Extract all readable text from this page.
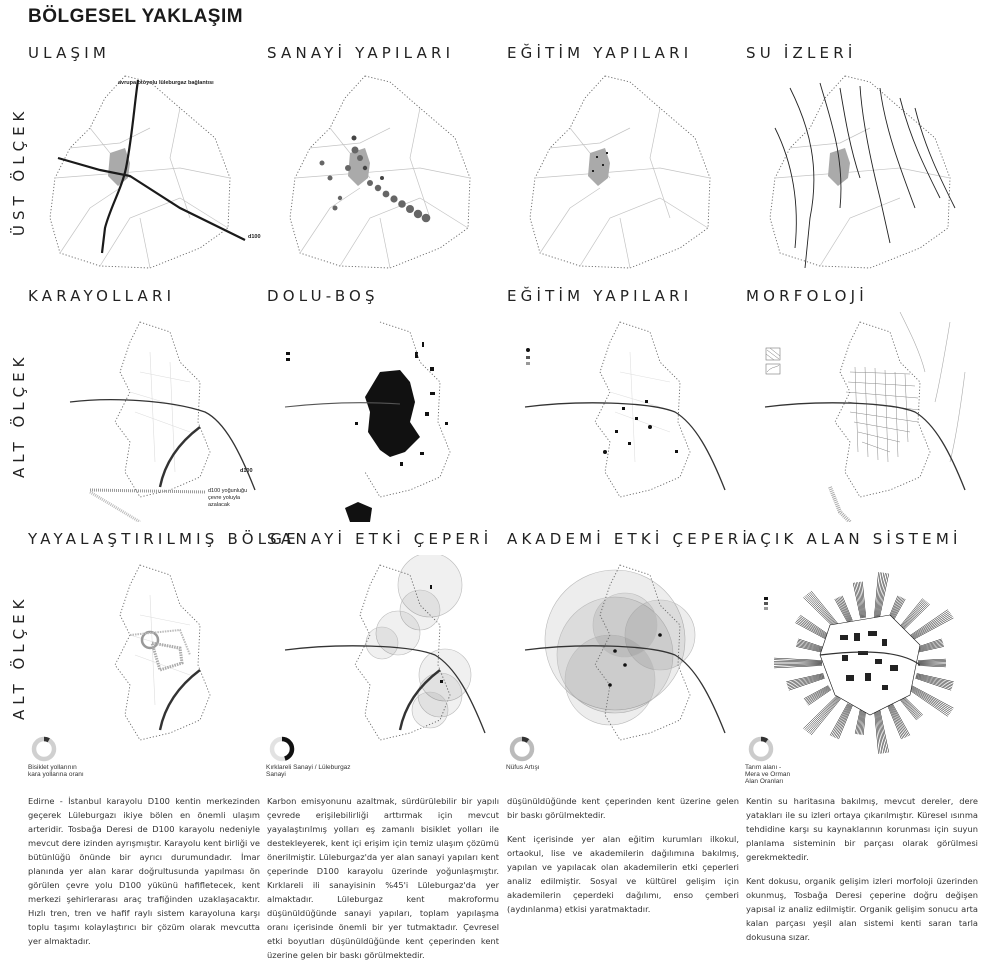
BÖLGESEL YAKLAŞIM
ÜST ÖLÇEK
ALT ÖLÇEK
ALT ÖLÇEK
ULAŞIM	SANAYİ YAPILARI	EĞİTİM YAPILARI	SU İZLERİ
KARAYOLLARI	DOLU-BOŞ	EĞİTİM YAPILARI	MORFOLOJİ
YAYALAŞTIRILMIŞ BÖLGE
SANAYİ ETKİ ÇEPERİ AKADEMİ ETKİ ÇEPERİ
AÇIK ALAN SİSTEMİ
avrupa otoyolu lüleburgaz bağlantısı
d100
d100
d100 yoğunluğu çevre yoluyla azalacak
Bisiklet yollarının kara yollarına oranı
Kırklareli Sanayi / Lüleburgaz Sanayi
Nüfus Artışı	Tarım alanı - Mera ve Orman Alan Oranları

Edirne - İstanbul karayolu D100 kentin merkezinden geçerek Lüleburgazı ikiye bölen en önemli ulaşım arteridir. Tosbağa Deresi de D100 karayolu nedeniyle mevcut dere izinden ayrışmıştır. Karayolu kent birliği ve bütünlüğü önünde bir ayrıcı durumundadır. İmar planında yer alan karar doğrultusunda yapılması ön görülen çevre yolu D100 yükünü hafifletecek, kent merkezi şehirlerarası araç trafiğinden uzaklaşacaktır. Hızlı tren, tren ve hafif raylı sistem karayoluna karşı toplu taşımı kolaylaştırıcı bir çözüm olarak mevcutta yer almaktadır.

Karbon emisyonunu azaltmak, sürdürülebilir bir yapılı çevrede erişilebilirliği arttırmak için mevcut yayalaştırılmış yolları eş zamanlı bisiklet yolları ile destekleyerek, kent içi erişim için temiz ulaşım çözümü önerilmiştir. Lüleburgaz'da yer alan sanayi yapıları kent çeperinde D100 karayolu üzerinde yoğunlaşmıştır. Kırklareli ili sanayisinin %45'i Lüleburgaz'da yer almaktadır. Lüleburgaz kent makroformu düşünüldüğünde sanayi yapıları, toplam yapılaşma oranı içerisinde önemli bir yer tutmaktadır. Çevresel etki boyutları düşünüldüğünde kent çeperinden kent üzerine gelen bir baskı görülmektedir.

düşünüldüğünde kent çeperinden kent üzerine gelen bir baskı görülmektedir.

Kent içerisinde yer alan eğitim kurumları ilkokul, ortaokul, lise ve akademilerin dağılımına bakılmış, yapılan ve yapılacak olan akademilerin etki çeperleri analiz edilmiştir. Sosyal ve kültürel gelişim için akademilerin çeperdeki dağılımı, enso çemberi (aydınlanma) etkisi yaratmaktadır.

Kentin su haritasına bakılmış, mevcut dereler, dere yatakları ile su izleri ortaya çıkarılmıştır. Küresel ısınma tehdidine karşı su kaynaklarının korunması için suyun planlama sisteminin bir parçası olarak görülmesi gerekmektedir.

Kent dokusu, organik gelişim izleri morfoloji üzerinden okunmuş, Tosbağa Deresi çeperine doğru değişen yapısal iz analiz edilmiştir. Organik gelişim sonucu arta kalan parçası yeşil alan sistemi kenti saran tarla dokusuna sızar.
